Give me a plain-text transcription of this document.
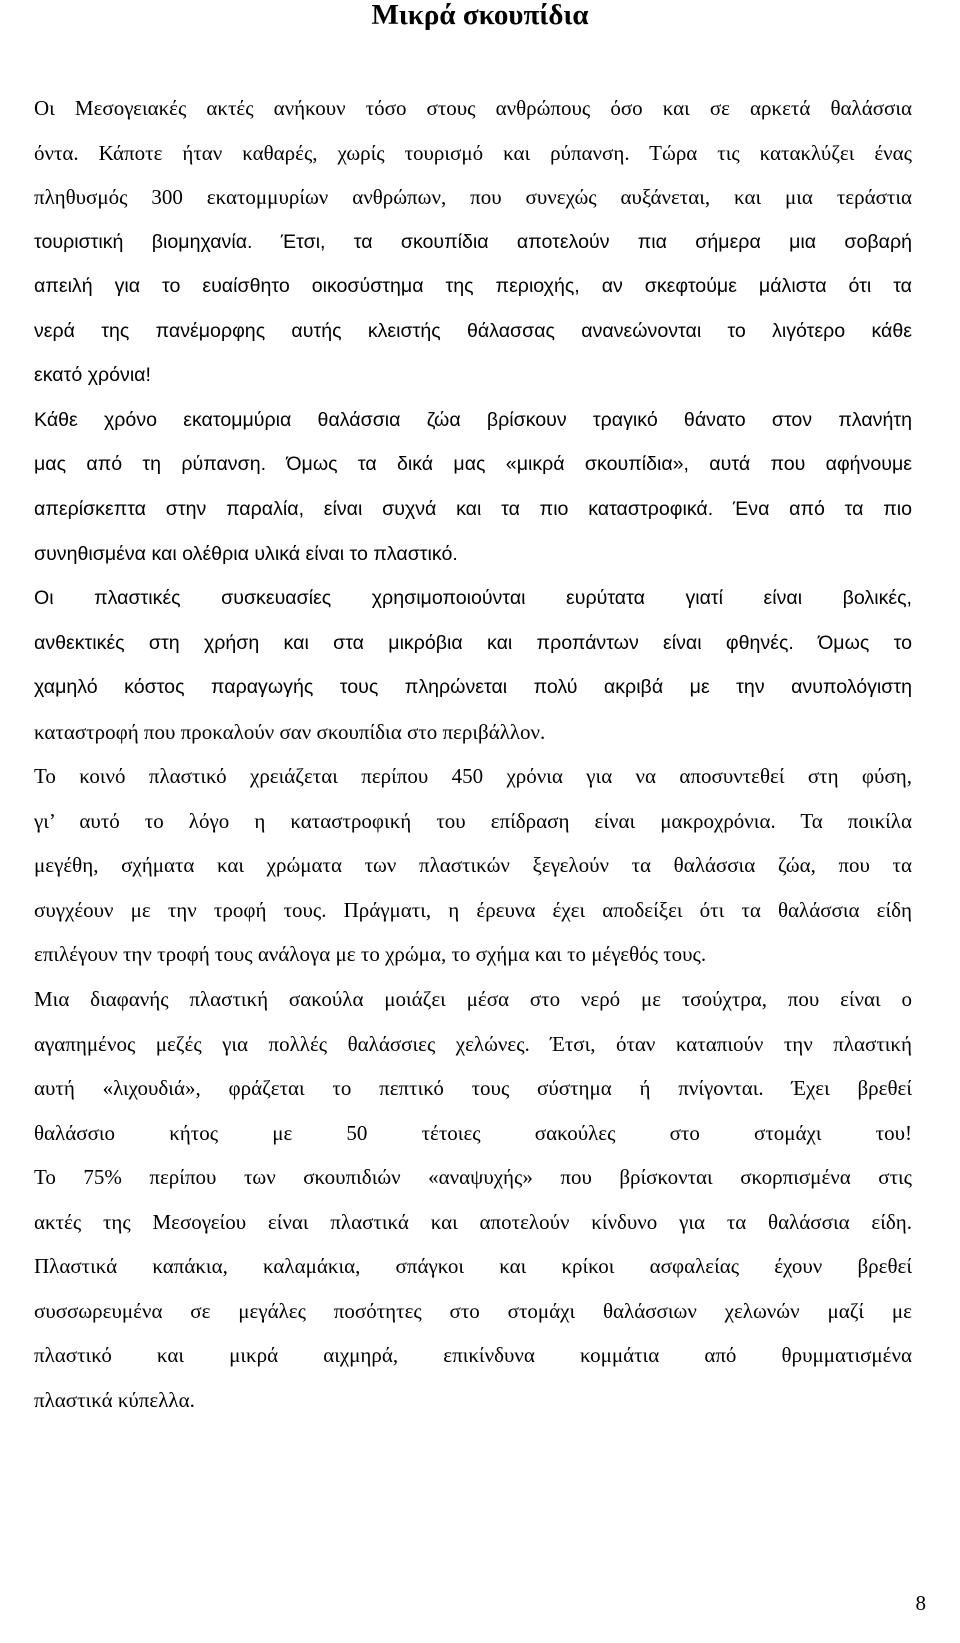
Μικρά σκουπίδια
Οι Μεσογειακές ακτές ανήκουν τόσο στους ανθρώπους όσο και σε αρκετά θαλάσσια
όντα. Κάποτε ήταν καθαρές, χωρίς τουρισμό και ρύπανση. Τώρα τις κατακλύζει ένας
πληθυσμός 300 εκατομμυρίων ανθρώπων, που συνεχώς αυξάνεται, και μια τεράστια
τουριστική βιομηχανία. Έτσι, τα σκουπίδια αποτελούν πια σήμερα μια σοβαρή
απειλή για το ευαίσθητο οικοσύστημα της περιοχής, αν σκεφτούμε μάλιστα ότι τα
νερά της πανέμορφης αυτής κλειστής θάλασσας ανανεώνονται το λιγότερο κάθε
εκατό χρόνια!
Κάθε χρόνο εκατομμύρια θαλάσσια ζώα βρίσκουν τραγικό θάνατο στον πλανήτη
μας από τη ρύπανση. Όμως τα δικά μας «μικρά σκουπίδια», αυτά που αφήνουμε
απερίσκεπτα στην παραλία, είναι συχνά και τα πιο καταστροφικά. Ένα από τα πιο
συνηθισμένα και ολέθρια υλικά είναι το πλαστικό.
Οι πλαστικές συσκευασίες χρησιμοποιούνται ευρύτατα γιατί είναι βολικές,
ανθεκτικές στη χρήση και στα μικρόβια και προπάντων είναι φθηνές. Όμως το
χαμηλό κόστος παραγωγής τους πληρώνεται πολύ ακριβά με την ανυπολόγιστη
καταστροφή που προκαλούν σαν σκουπίδια στο περιβάλλον.
Το κοινό πλαστικό χρειάζεται περίπου 450 χρόνια για να αποσυντεθεί στη φύση,
γι’ αυτό το λόγο η καταστροφική του επίδραση είναι μακροχρόνια. Τα ποικίλα
μεγέθη, σχήματα και χρώματα των πλαστικών ξεγελούν τα θαλάσσια ζώα, που τα
συγχέουν με την τροφή τους. Πράγματι, η έρευνα έχει αποδείξει ότι τα θαλάσσια είδη
επιλέγουν την τροφή τους ανάλογα με το χρώμα, το σχήμα και το μέγεθός τους.
Μια διαφανής πλαστική σακούλα μοιάζει μέσα στο νερό με τσούχτρα, που είναι ο
αγαπημένος μεζές για πολλές θαλάσσιες χελώνες. Έτσι, όταν καταπιούν την πλαστική
αυτή «λιχουδιά», φράζεται το πεπτικό τους σύστημα ή πνίγονται. Έχει βρεθεί
θαλάσσιο κήτος με 50 τέτοιες σακούλες στο στομάχι του!
Το 75% περίπου των σκουπιδιών «αναψυχής» που βρίσκονται σκορπισμένα στις
ακτές της Μεσογείου είναι πλαστικά και αποτελούν κίνδυνο για τα θαλάσσια είδη.
Πλαστικά καπάκια, καλαμάκια, σπάγκοι και κρίκοι ασφαλείας έχουν βρεθεί
συσσωρευμένα σε μεγάλες ποσότητες στο στομάχι θαλάσσιων χελωνών μαζί με
πλαστικό και μικρά αιχμηρά, επικίνδυνα κομμάτια από θρυμματισμένα
πλαστικά κύπελλα.
8
